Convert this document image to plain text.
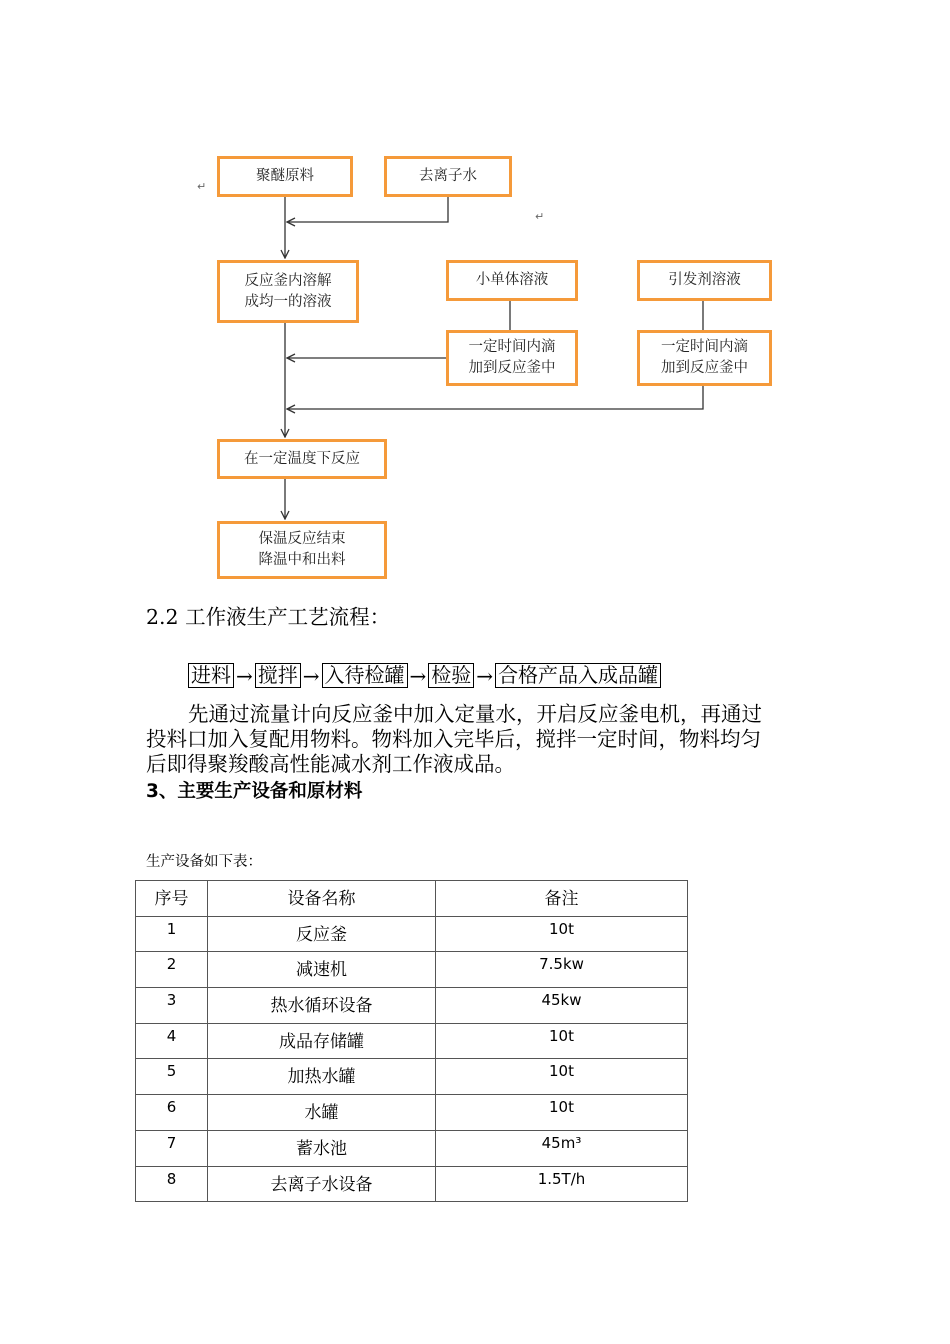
聚醚原料	去离子水
反应釜内溶解
成均一的溶液
小单体溶液	引发剂溶液
一定时间内滴
加到反应釜中
一定时间内滴
加到反应釜中
在一定温度下反应
保温反应结束
降温中和出料
↵
↵
2.2 工作液生产工艺流程：
进料 → 搅拌 → 入待检罐 → 检验 → 合格产品入成品罐
先通过流量计向反应釜中加入定量水，开启反应釜电机，再通过
投料口加入复配用物料。物料加入完毕后，搅拌一定时间，物料均匀
后即得聚羧酸高性能减水剂工作液成品。
3、主要生产设备和原材料
生产设备如下表：
序号	设备名称	备注
1	反应釜	10t
2	减速机	7.5kw
3	热水循环设备	45kw
4	成品存储罐	10t
5	加热水罐	10t
6	水罐	10t
7	蓄水池	45m³
8	去离子水设备	1.5T/h
